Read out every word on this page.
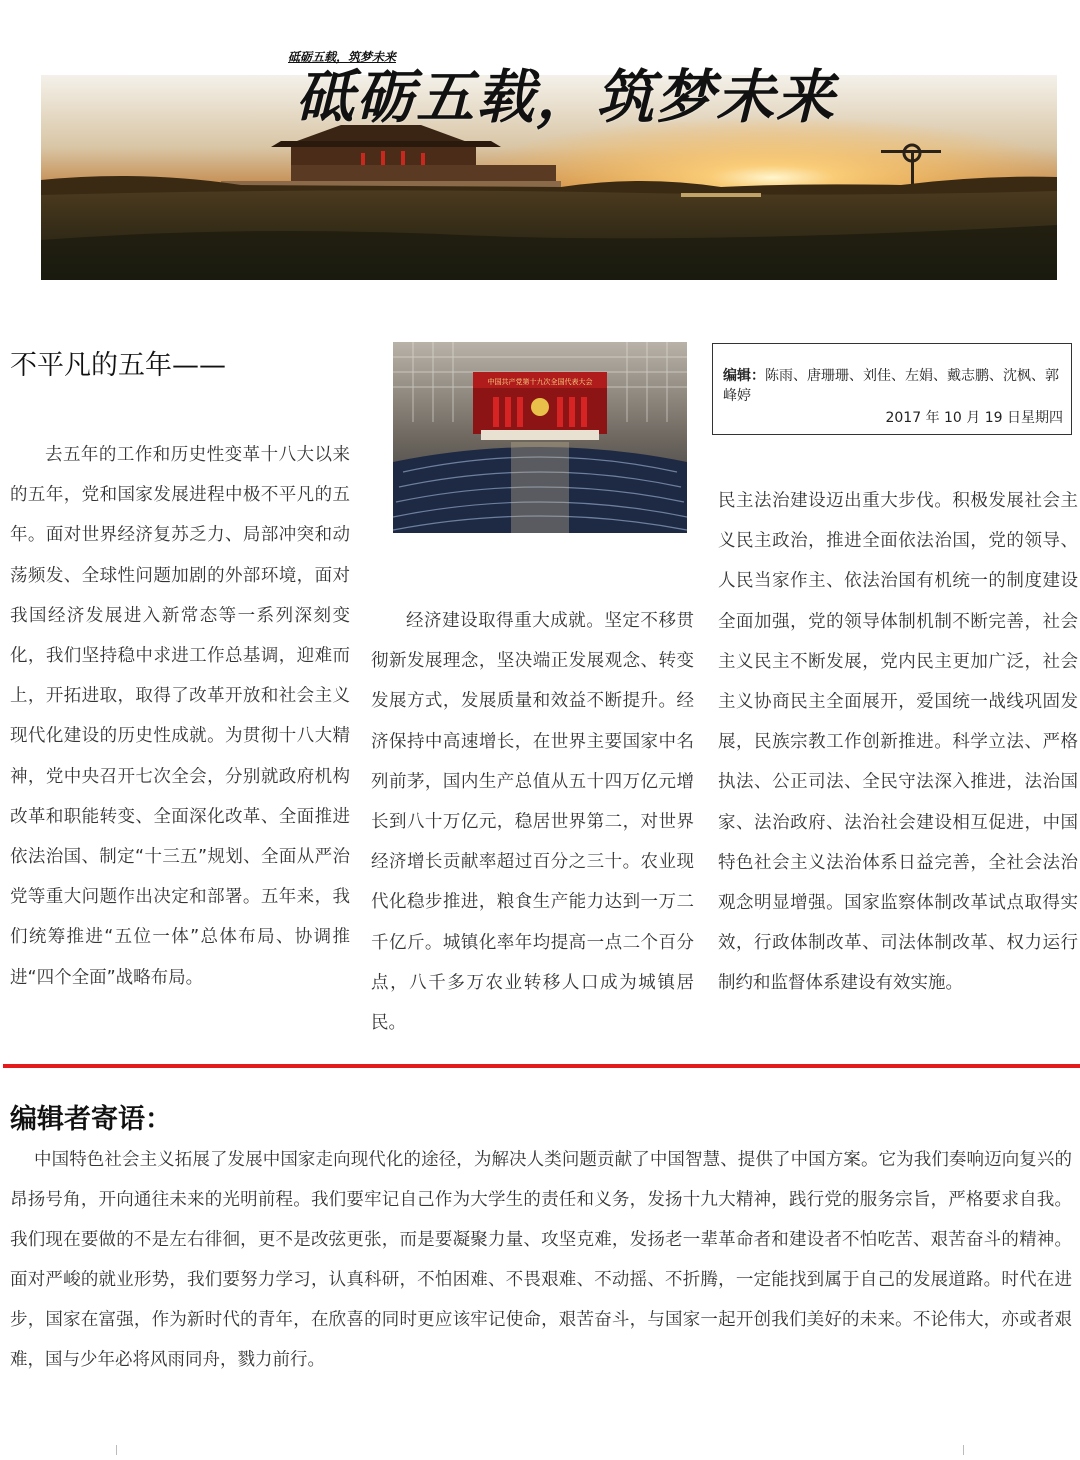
砥砺五载，筑梦未来
砥砺五载，筑梦未来
不平凡的五年——
中国共产党第十九次全国代表大会	编辑：陈雨、唐珊珊、刘佳、左娟、戴志鹏、沈枫、郭峰婷
2017 年 10 月 19 日星期四
去五年的工作和历史性变革十八大以来的五年，党和国家发展进程中极不平凡的五年。面对世界经济复苏乏力、局部冲突和动荡频发、全球性问题加剧的外部环境，面对我国经济发展进入新常态等一系列深刻变化，我们坚持稳中求进工作总基调，迎难而上，开拓进取，取得了改革开放和社会主义现代化建设的历史性成就。为贯彻十八大精神，党中央召开七次全会，分别就政府机构改革和职能转变、全面深化改革、全面推进依法治国、制定“十三五”规划、全面从严治党等重大问题作出决定和部署。五年来，我们统筹推进“五位一体”总体布局、协调推进“四个全面”战略布局。
经济建设取得重大成就。坚定不移贯彻新发展理念，坚决端正发展观念、转变发展方式，发展质量和效益不断提升。经济保持中高速增长，在世界主要国家中名列前茅，国内生产总值从五十四万亿元增长到八十万亿元，稳居世界第二，对世界经济增长贡献率超过百分之三十。农业现代化稳步推进，粮食生产能力达到一万二千亿斤。城镇化率年均提高一点二个百分点，八千多万农业转移人口成为城镇居民。
民主法治建设迈出重大步伐。积极发展社会主义民主政治，推进全面依法治国，党的领导、人民当家作主、依法治国有机统一的制度建设全面加强，党的领导体制机制不断完善，社会主义民主不断发展，党内民主更加广泛，社会主义协商民主全面展开，爱国统一战线巩固发展，民族宗教工作创新推进。科学立法、严格执法、公正司法、全民守法深入推进，法治国家、法治政府、法治社会建设相互促进，中国特色社会主义法治体系日益完善，全社会法治观念明显增强。国家监察体制改革试点取得实效，行政体制改革、司法体制改革、权力运行制约和监督体系建设有效实施。
编辑者寄语：
中国特色社会主义拓展了发展中国家走向现代化的途径，为解决人类问题贡献了中国智慧、提供了中国方案。它为我们奏响迈向复兴的昂扬号角，开向通往未来的光明前程。我们要牢记自己作为大学生的责任和义务，发扬十九大精神，践行党的服务宗旨，严格要求自我。我们现在要做的不是左右徘徊，更不是改弦更张，而是要凝聚力量、攻坚克难，发扬老一辈革命者和建设者不怕吃苦、艰苦奋斗的精神。面对严峻的就业形势，我们要努力学习，认真科研，不怕困难、不畏艰难、不动摇、不折腾，一定能找到属于自己的发展道路。时代在进步，国家在富强，作为新时代的青年，在欣喜的同时更应该牢记使命，艰苦奋斗，与国家一起开创我们美好的未来。不论伟大，亦或者艰难，国与少年必将风雨同舟，戮力前行。
